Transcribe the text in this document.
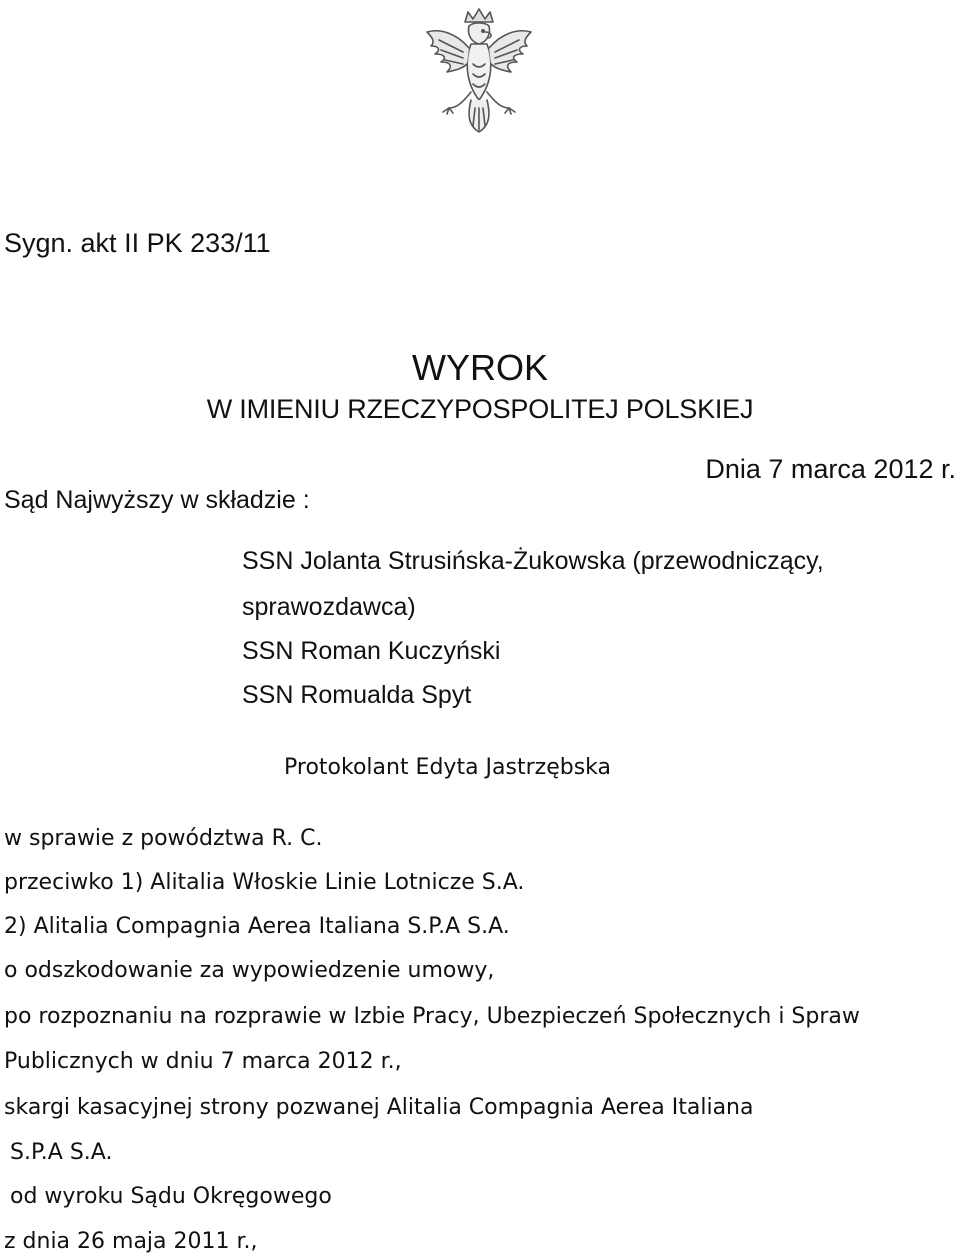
Sygn. akt II PK 233/11
WYROK
W IMIENIU RZECZYPOSPOLITEJ POLSKIEJ
Dnia 7 marca 2012 r.
Sąd Najwyższy w składzie :
SSN Jolanta Strusińska-Żukowska (przewodniczący,
sprawozdawca)
SSN Roman Kuczyński
SSN Romualda Spyt
Protokolant Edyta Jastrzębska
w sprawie z powództwa R. C.
przeciwko 1) Alitalia Włoskie Linie Lotnicze S.A.
2) Alitalia Compagnia Aerea Italiana S.P.A S.A.
o odszkodowanie za wypowiedzenie umowy,
po rozpoznaniu na rozprawie w Izbie Pracy, Ubezpieczeń Społecznych i Spraw
Publicznych w dniu 7 marca 2012 r.,
skargi kasacyjnej strony pozwanej Alitalia Compagnia Aerea Italiana
S.P.A S.A.
od wyroku Sądu Okręgowego
z dnia 26 maja 2011 r.,
